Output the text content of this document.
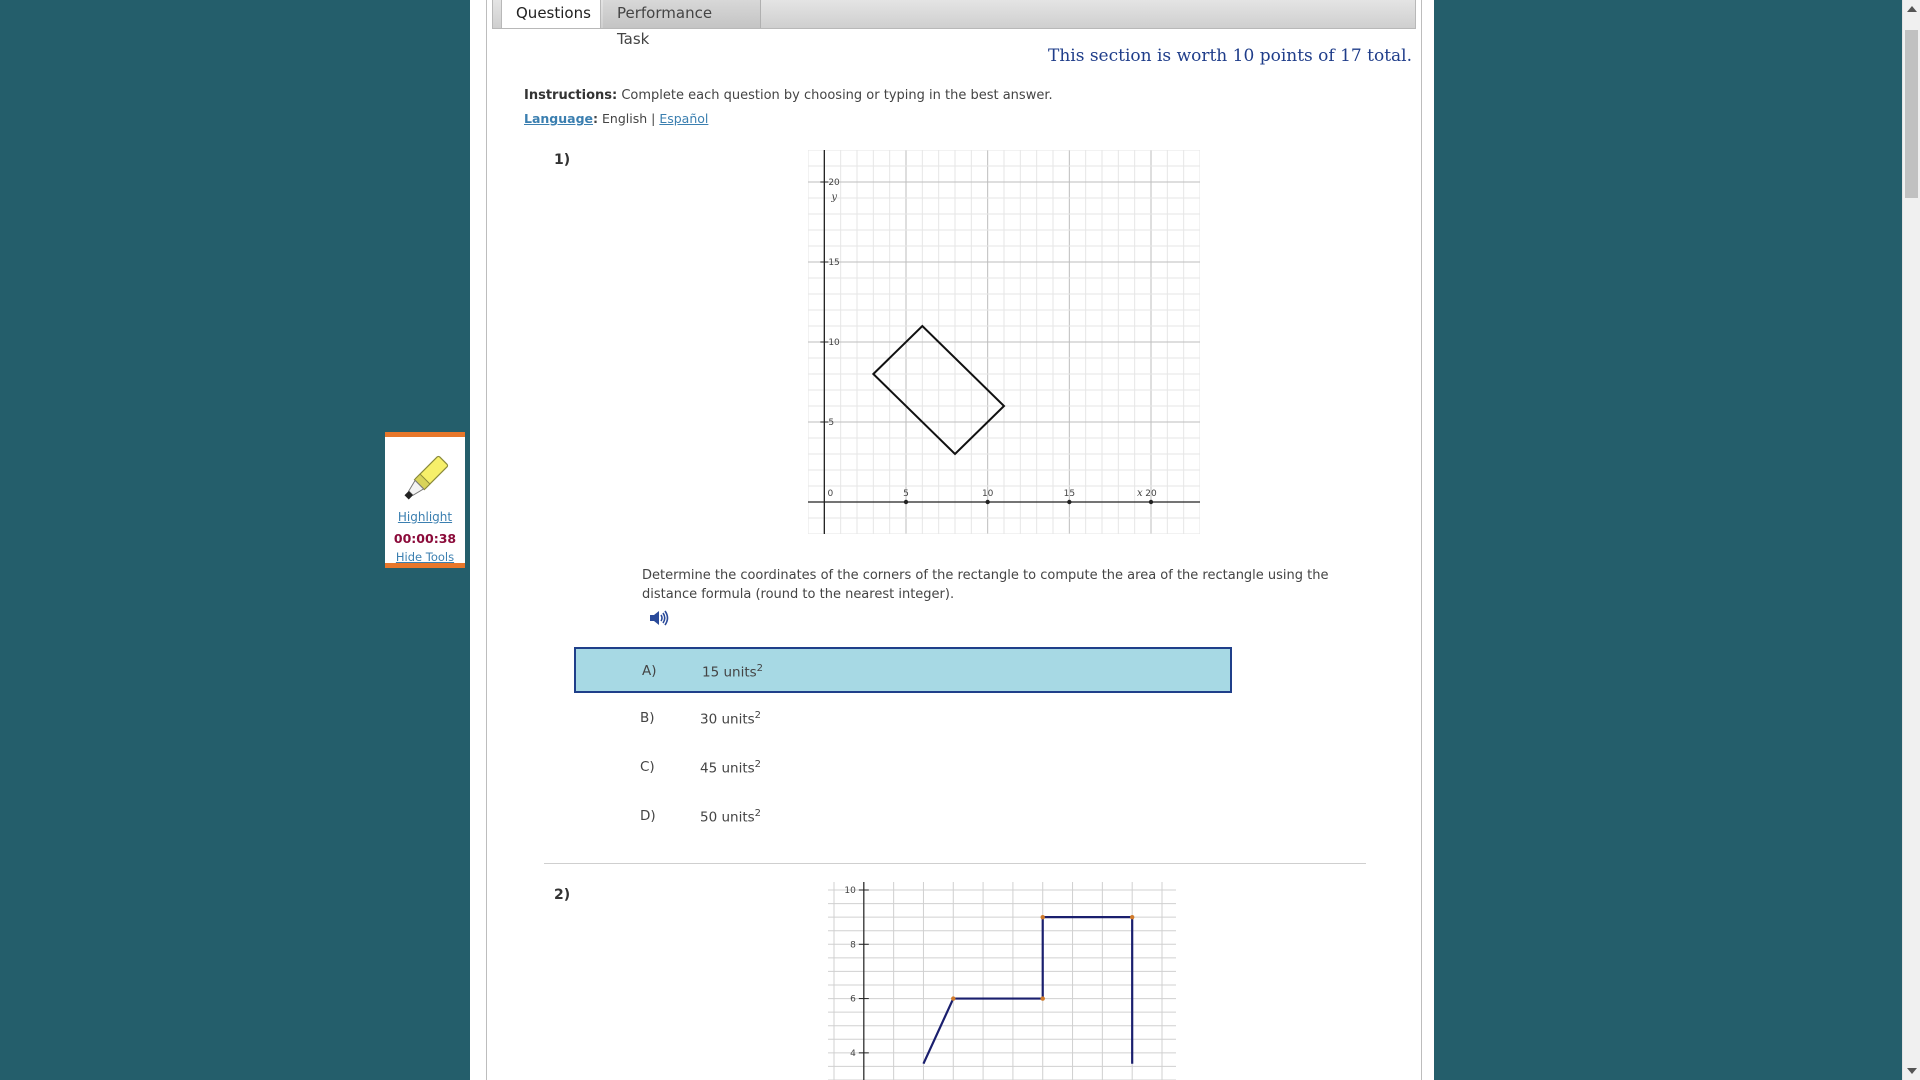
Questions	Performance Task
This section is worth 10 points of 17 total.
Instructions: Complete each question by choosing or typing in the best answer.
Language: English | Español
1)
0	5	10	15	20
5
10
15
20
x
y
Determine the coordinates of the corners of the rectangle to compute the area of the rectangle using the distance formula (round to the nearest integer).
A)	15 units$^2$
B)	30 units$^2$
C)	45 units$^2$
D)	50 units$^2$
2)
4
6
8
10
Highlight
00:00:38
Hide Tools
